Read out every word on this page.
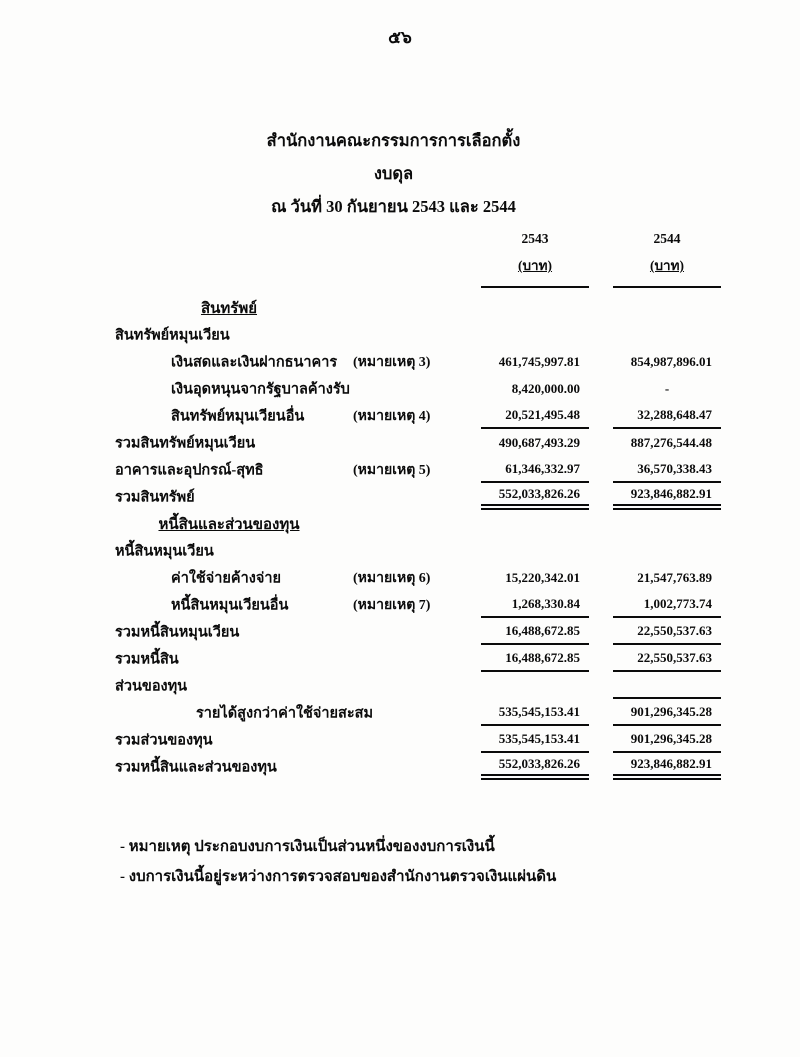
๕๖
สำนักงานคณะกรรมการการเลือกตั้ง
งบดุล
ณ วันที่ 30 กันยายน 2543 และ 2544
2543
(บาท)
2544
(บาท)
สินทรัพย์
สินทรัพย์หมุนเวียน
เงินสดและเงินฝากธนาคาร (หมายเหตุ 3)	461,745,997.81	854,987,896.01
เงินอุดหนุนจากรัฐบาลค้างรับ	8,420,000.00	-
สินทรัพย์หมุนเวียนอื่น	(หมายเหตุ 4)	20,521,495.48	32,288,648.47
รวมสินทรัพย์หมุนเวียน	490,687,493.29	887,276,544.48
อาคารและอุปกรณ์-สุทธิ	(หมายเหตุ 5)	61,346,332.97	36,570,338.43
รวมสินทรัพย์	552,033,826.26	923,846,882.91
หนี้สินและส่วนของทุน
หนี้สินหมุนเวียน
ค่าใช้จ่ายค้างจ่าย	(หมายเหตุ 6)	15,220,342.01	21,547,763.89
หนี้สินหมุนเวียนอื่น	(หมายเหตุ 7)	1,268,330.84	1,002,773.74
รวมหนี้สินหมุนเวียน	16,488,672.85	22,550,537.63
รวมหนี้สิน	16,488,672.85	22,550,537.63
ส่วนของทุน
รายได้สูงกว่าค่าใช้จ่ายสะสม	535,545,153.41	901,296,345.28
รวมส่วนของทุน	535,545,153.41	901,296,345.28
รวมหนี้สินและส่วนของทุน	552,033,826.26	923,846,882.91
- หมายเหตุ ประกอบงบการเงินเป็นส่วนหนึ่งของงบการเงินนี้
- งบการเงินนี้อยู่ระหว่างการตรวจสอบของสำนักงานตรวจเงินแผ่นดิน
